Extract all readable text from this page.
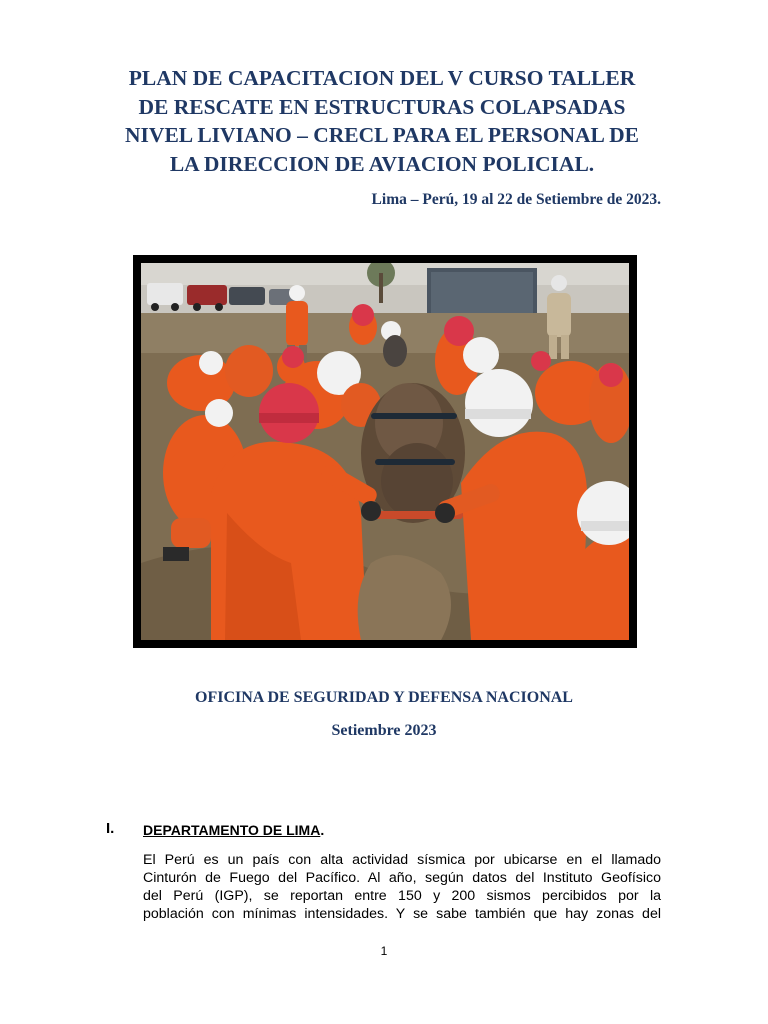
PLAN DE CAPACITACION DEL V CURSO TALLER
DE RESCATE EN ESTRUCTURAS COLAPSADAS
NIVEL LIVIANO – CRECL PARA EL PERSONAL DE
LA DIRECCION DE AVIACION POLICIAL.
Lima – Perú, 19 al 22 de Setiembre de 2023.
OFICINA DE SEGURIDAD Y DEFENSA NACIONAL
Setiembre 2023
I. DEPARTAMENTO DE LIMA.
El Perú es un país con alta actividad sísmica por ubicarse en el llamado
Cinturón de Fuego del Pacífico. Al año, según datos del Instituto Geofísico
del Perú (IGP), se reportan entre 150 y 200 sismos percibidos por la
población con mínimas intensidades. Y se sabe también que hay zonas del
1
